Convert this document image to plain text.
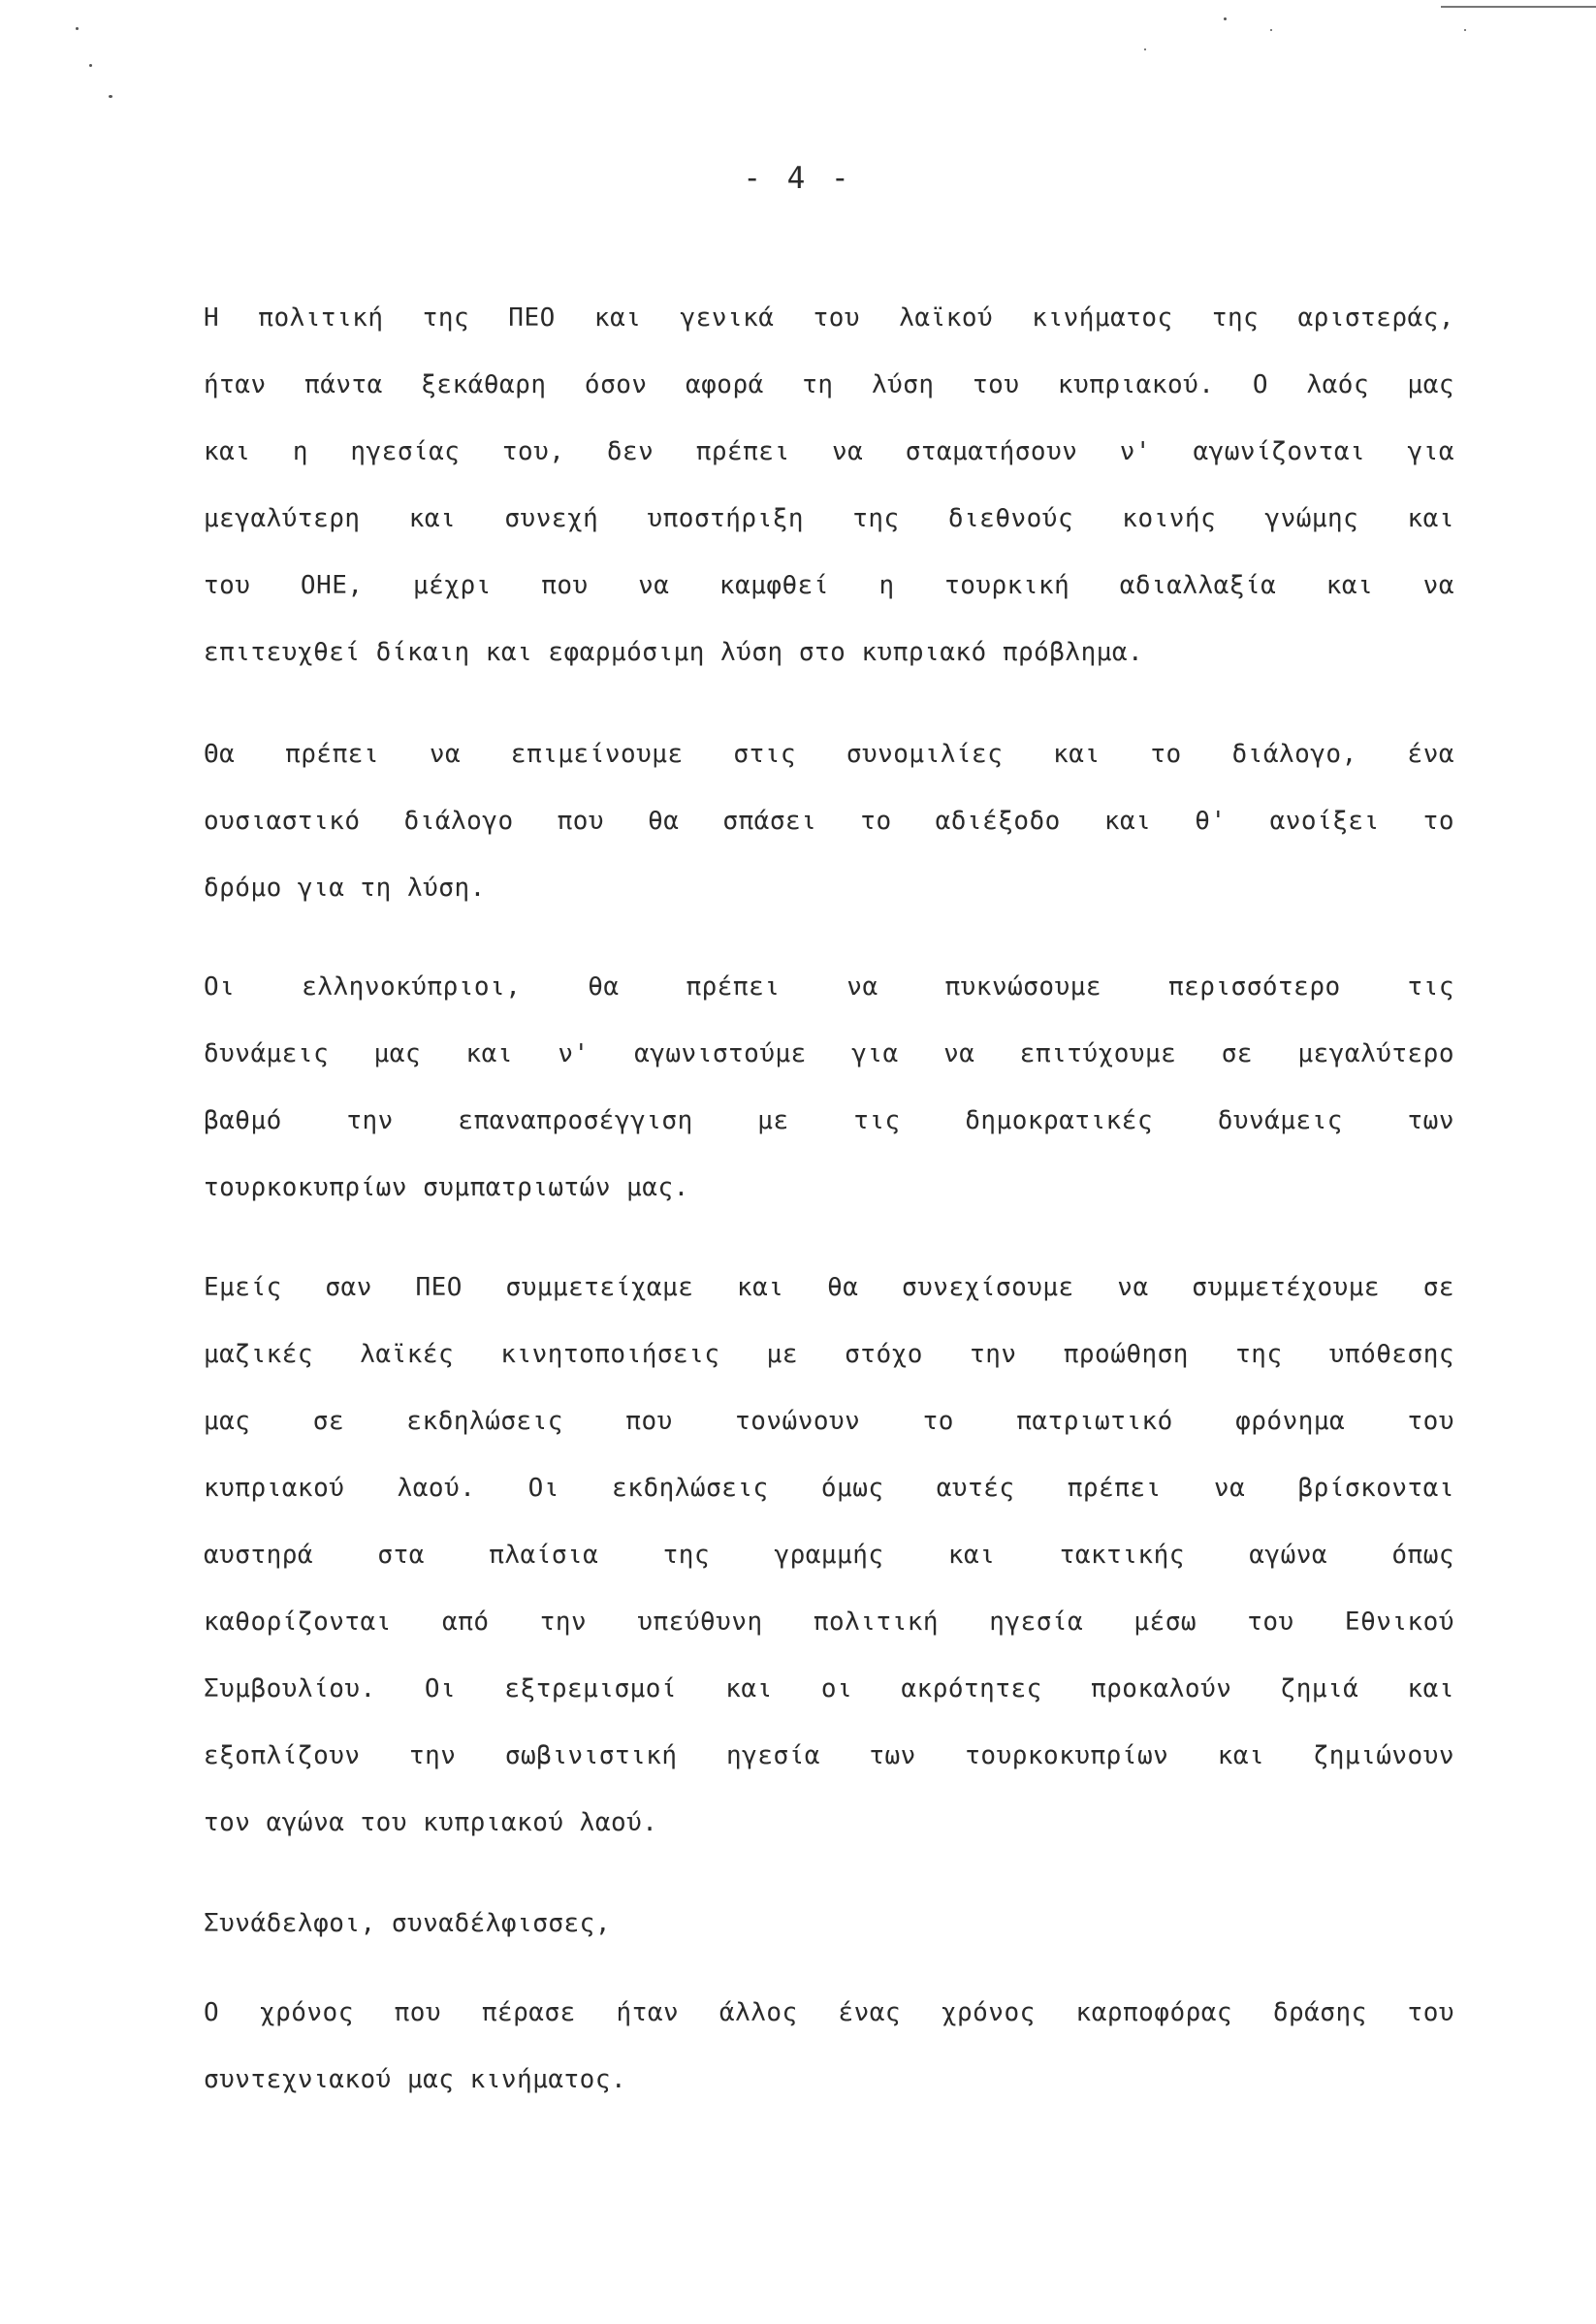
- 4 -

Η πολιτική της ΠΕΟ και γενικά του λαϊκού κινήματος της αριστεράς,
ήταν πάντα ξεκάθαρη όσον αφορά τη λύση του κυπριακού. Ο λαός μας
και η ηγεσίας του, δεν πρέπει να σταματήσουν ν' αγωνίζονται για
μεγαλύτερη και συνεχή υποστήριξη της διεθνούς κοινής γνώμης και
του ΟΗΕ, μέχρι που να καμφθεί η τουρκική αδιαλλαξία και να
επιτευχθεί δίκαιη και εφαρμόσιμη λύση στο κυπριακό πρόβλημα.

Θα πρέπει να επιμείνουμε στις συνομιλίες και το διάλογο, ένα
ουσιαστικό διάλογο που θα σπάσει το αδιέξοδο και θ' ανοίξει το
δρόμο για τη λύση.

Οι ελληνοκύπριοι, θα πρέπει να πυκνώσουμε περισσότερο τις
δυνάμεις μας και ν' αγωνιστούμε για να επιτύχουμε σε μεγαλύτερο
βαθμό την επαναπροσέγγιση με τις δημοκρατικές δυνάμεις των
τουρκοκυπρίων συμπατριωτών μας.

Εμείς σαν ΠΕΟ συμμετείχαμε και θα συνεχίσουμε να συμμετέχουμε σε
μαζικές λαϊκές κινητοποιήσεις με στόχο την προώθηση της υπόθεσης
μας σε εκδηλώσεις που τονώνουν το πατριωτικό φρόνημα του
κυπριακού λαού. Οι εκδηλώσεις όμως αυτές πρέπει να βρίσκονται
αυστηρά στα πλαίσια της γραμμής και τακτικής αγώνα όπως
καθορίζονται από την υπεύθυνη πολιτική ηγεσία μέσω του Εθνικού
Συμβουλίου. Οι εξτρεμισμοί και οι ακρότητες προκαλούν ζημιά και
εξοπλίζουν την σωβινιστική ηγεσία των τουρκοκυπρίων και ζημιώνουν
τον αγώνα του κυπριακού λαού.

Συνάδελφοι, συναδέλφισσες,

Ο χρόνος που πέρασε ήταν άλλος ένας χρόνος καρποφόρας δράσης του
συντεχνιακού μας κινήματος.
